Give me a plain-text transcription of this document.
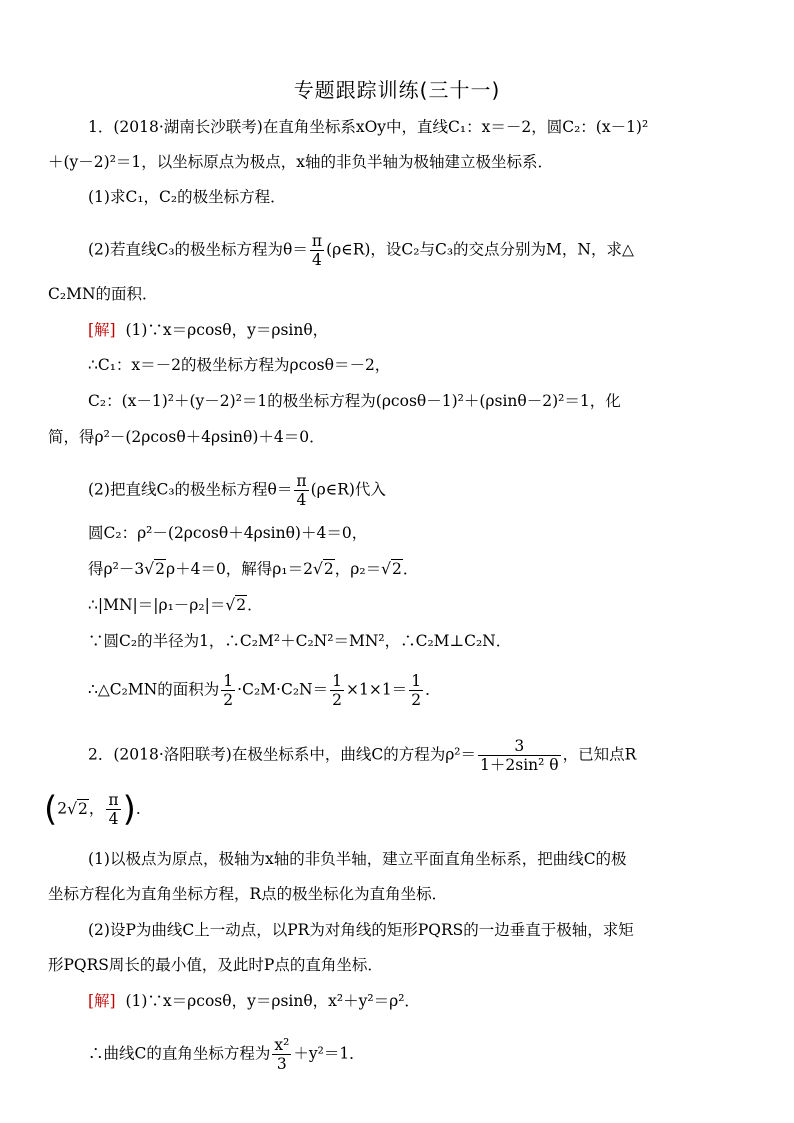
专题跟踪训练(三十一)
1．(2018·湖南长沙联考)在直角坐标系xOy中，直线C₁：x＝－2，圆C₂：(x－1)²
＋(y－2)²＝1，以坐标原点为极点，x轴的非负半轴为极轴建立极坐标系．
(1)求C₁，C₂的极坐标方程．
(2)若直线C₃的极坐标方程为$\theta= \frac{\pi}{4}$ (ρ∈R)，设C₂与C₃的交点分别为M，N，求△
C₂MN的面积．
[解] (1)∵x＝ρcosθ，y＝ρsinθ，
∴C₁：x＝－2的极坐标方程为ρcosθ＝－2，
C₂：(x－1)²＋(y－2)²＝1的极坐标方程为(ρcosθ－1)²＋(ρsinθ－2)²＝1，化
简，得ρ²－(2ρcosθ＋4ρsinθ)＋4＝0．
(2)把直线C₃的极坐标方程$\theta= \frac{\pi}{4}$ (ρ∈R)代入
圆C₂：ρ²－(2ρcosθ＋4ρsinθ)＋4＝0，
得ρ²－3√2ρ＋4＝0，解得ρ₁＝2√2，ρ₂＝√2．
∴|MN|＝|ρ₁－ρ₂|＝√2．
∵圆C₂的半径为1，∴C₂M²＋C₂N²＝MN²，∴C₂M⊥C₂N．
∴△C₂MN的面积为 $\frac{1}{2} \cdot C_2M\cdot C_2N= \frac{1}{2} \times 1\times 1= \frac{1}{2}$ ．
2．(2018·洛阳联考)在极坐标系中，曲线C的方程为$\rho^2= \frac{3}{\text{1＋2sin² θ}}$ ，已知点R
(2√2， $\frac{\pi}{4}$ )．
(1)以极点为原点，极轴为x轴的非负半轴，建立平面直角坐标系，把曲线C的极
坐标方程化为直角坐标方程，R点的极坐标化为直角坐标．
(2)设P为曲线C上一动点，以PR为对角线的矩形PQRS的一边垂直于极轴，求矩
形PQRS周长的最小值，及此时P点的直角坐标．
[解] (1)∵x＝ρcosθ，y＝ρsinθ，x²＋y²＝ρ²．
∴曲线C的直角坐标方程为 $\frac{\text{x²}}{3} +y^2=1$．
